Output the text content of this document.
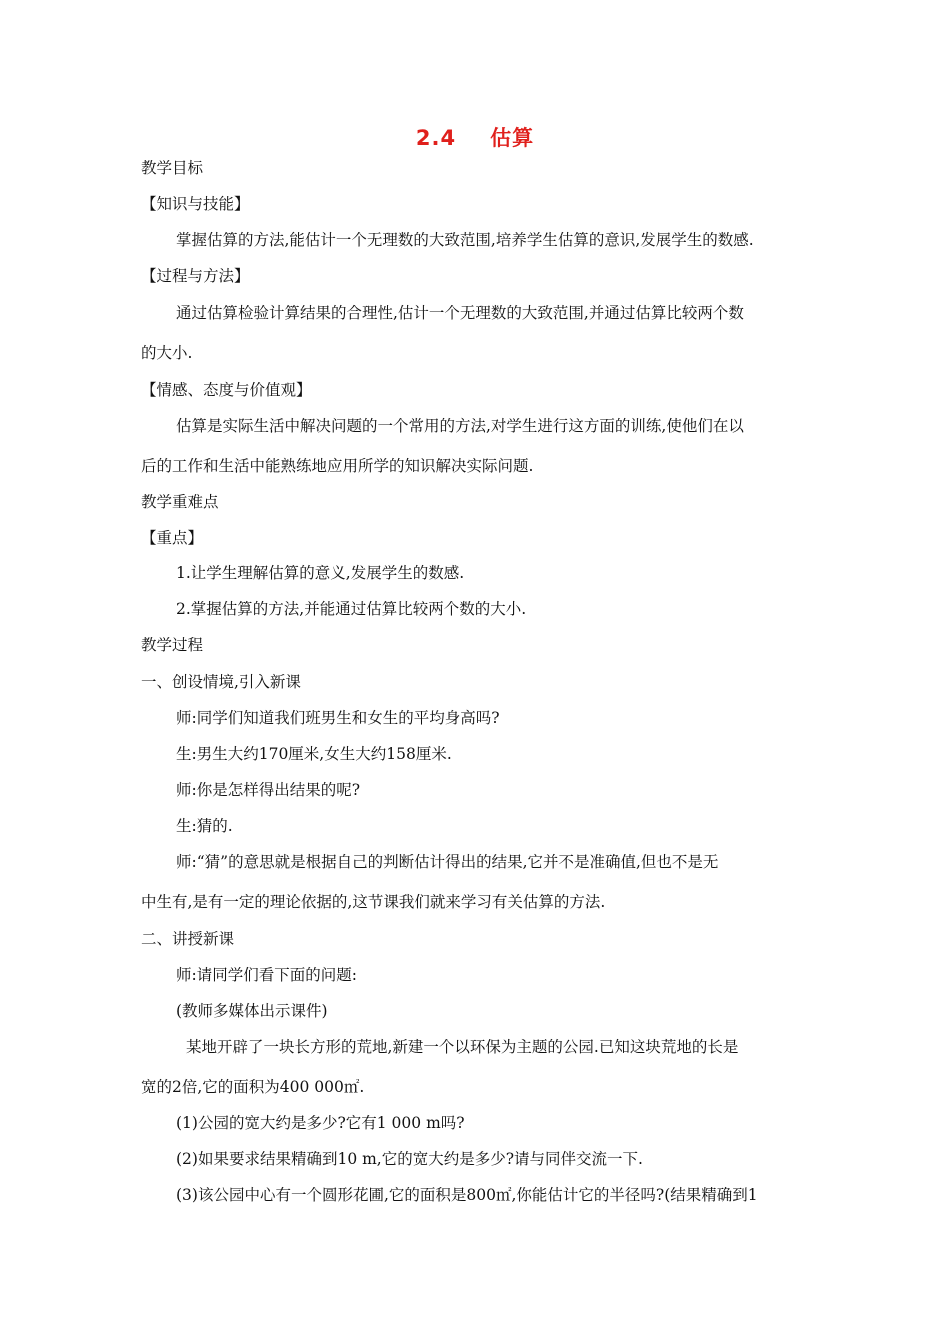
2.4 估算
教学目标
【知识与技能】
掌握估算的方法,能估计一个无理数的大致范围,培养学生估算的意识,发展学生的数感.
【过程与方法】
通过估算检验计算结果的合理性,估计一个无理数的大致范围,并通过估算比较两个数
的大小.
【情感、态度与价值观】
估算是实际生活中解决问题的一个常用的方法,对学生进行这方面的训练,使他们在以
后的工作和生活中能熟练地应用所学的知识解决实际问题.
教学重难点
【重点】
1.让学生理解估算的意义,发展学生的数感.
2.掌握估算的方法,并能通过估算比较两个数的大小.
教学过程
一、创设情境,引入新课
师:同学们知道我们班男生和女生的平均身高吗?
生:男生大约170厘米,女生大约158厘米.
师:你是怎样得出结果的呢?
生:猜的.
师:“猜”的意思就是根据自己的判断估计得出的结果,它并不是准确值,但也不是无
中生有,是有一定的理论依据的,这节课我们就来学习有关估算的方法.
二、讲授新课
师:请同学们看下面的问题:
(教师多媒体出示课件)
某地开辟了一块长方形的荒地,新建一个以环保为主题的公园.已知这块荒地的长是
宽的2倍,它的面积为400 000㎡.
(1)公园的宽大约是多少?它有1 000 m吗?
(2)如果要求结果精确到10 m,它的宽大约是多少?请与同伴交流一下.
(3)该公园中心有一个圆形花圃,它的面积是800㎡,你能估计它的半径吗?(结果精确到1
